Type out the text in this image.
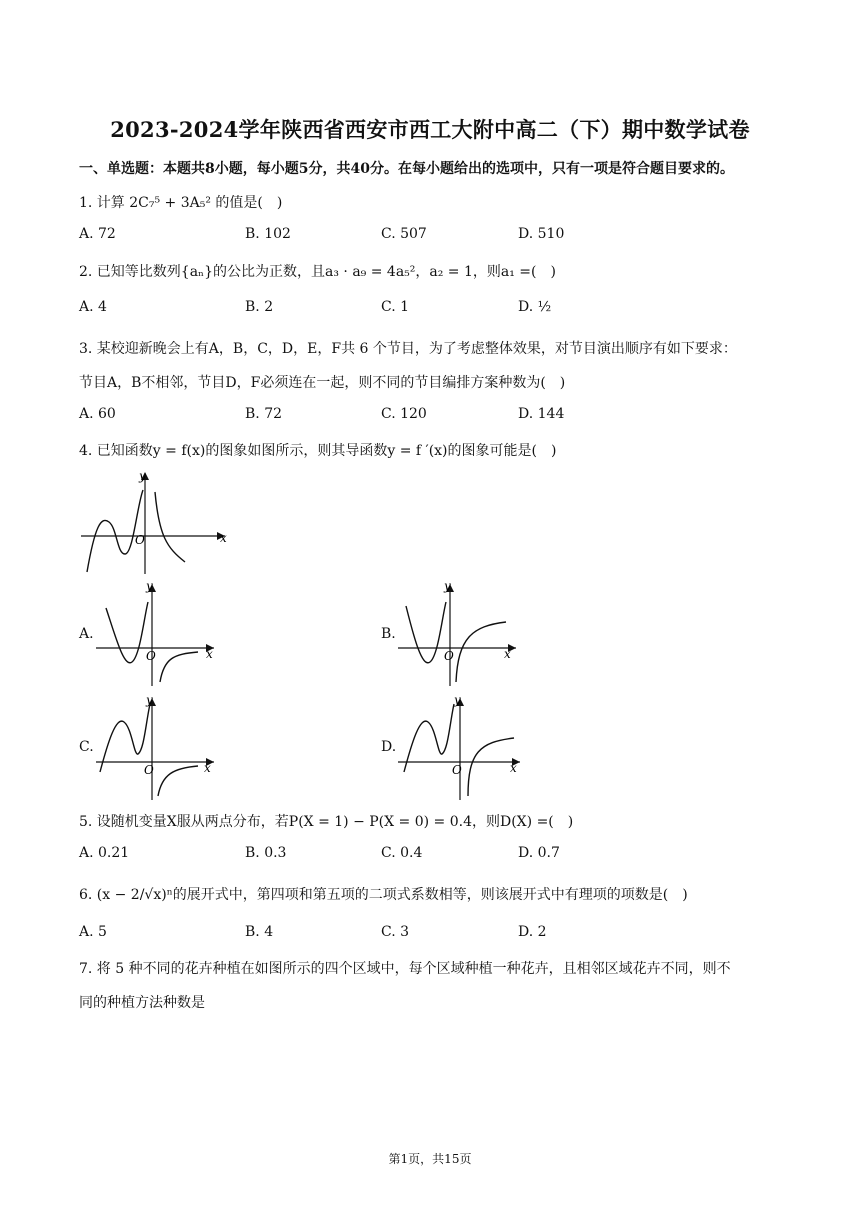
2023-2024学年陕西省西安市西工大附中高二（下）期中数学试卷
一、单选题：本题共8小题，每小题5分，共40分。在每小题给出的选项中，只有一项是符合题目要求的。
1. 计算 2C₇⁵ + 3A₅² 的值是(　)
A. 72	B. 102	C. 507	D. 510
2. 已知等比数列{aₙ}的公比为正数，且a₃ · a₉ = 4a₅²，a₂ = 1，则a₁ =(　)
A. 4	B. 2	C. 1	D. ½
3. 某校迎新晚会上有A，B，C，D，E，F共 6 个节目，为了考虑整体效果，对节目演出顺序有如下要求：
节目A，B不相邻，节目D，F必须连在一起，则不同的节目编排方案种数为(　)
A. 60	B. 72	C. 120	D. 144
4. 已知函数y = f(x)的图象如图所示，则其导函数y = f ′(x)的图象可能是(　)
x
y
O
A.
x
y
O
B.
x
y
O
C.
x
y
O
D.
x
y
O
5. 设随机变量X服从两点分布，若P(X = 1) − P(X = 0) = 0.4，则D(X) =(　)
A. 0.21	B. 0.3	C. 0.4	D. 0.7
6. (x − 2/√x)ⁿ的展开式中，第四项和第五项的二项式系数相等，则该展开式中有理项的项数是(　)
A. 5	B. 4	C. 3	D. 2
7. 将 5 种不同的花卉种植在如图所示的四个区域中，每个区域种植一种花卉，且相邻区域花卉不同，则不
同的种植方法种数是
第1页，共15页
